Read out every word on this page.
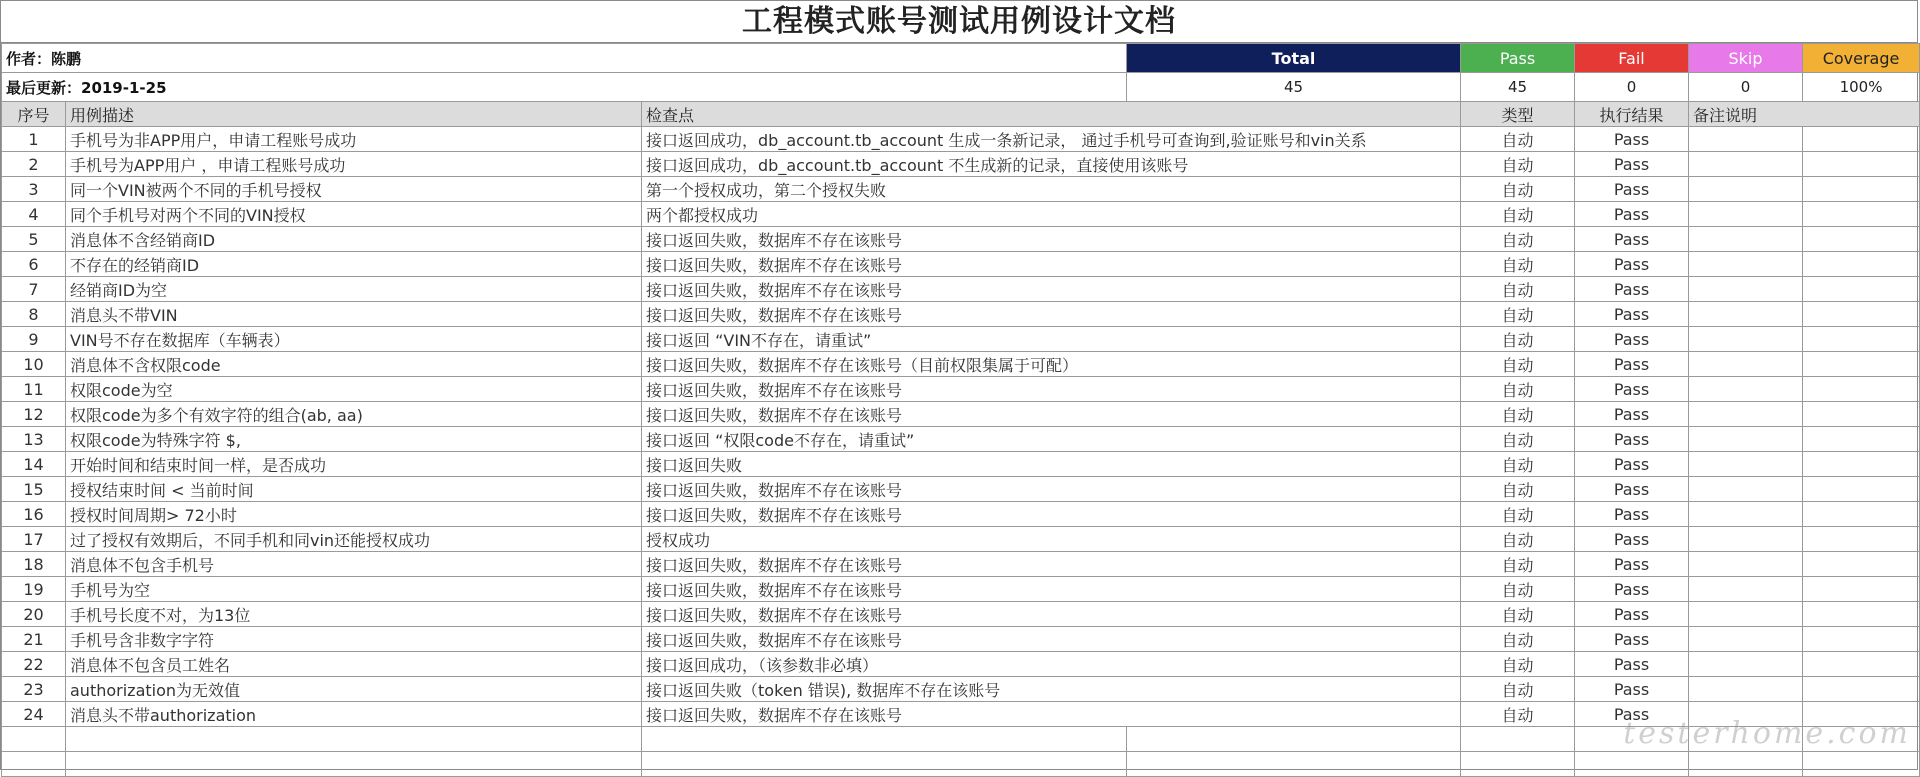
工程模式账号测试用例设计文档
作者：陈鹏			Total	Pass	Fail	Skip	Coverage
最后更新：2019-1-25			45	45	0	0	100%
序号	用例描述	检查点		类型	执行结果	备注说明	
1	手机号为非APP用户，申请工程账号成功	接口返回成功，db_account.tb_account 生成一条新记录， 通过手机号可查询到,验证账号和vin关系		自动	Pass		
2	手机号为APP用户 ，申请工程账号成功	接口返回成功，db_account.tb_account 不生成新的记录，直接使用该账号		自动	Pass		
3	同一个VIN被两个不同的手机号授权	第一个授权成功，第二个授权失败		自动	Pass		
4	同个手机号对两个不同的VIN授权	两个都授权成功		自动	Pass		
5	消息体不含经销商ID	接口返回失败，数据库不存在该账号		自动	Pass		
6	不存在的经销商ID	接口返回失败，数据库不存在该账号		自动	Pass		
7	经销商ID为空	接口返回失败，数据库不存在该账号		自动	Pass		
8	消息头不带VIN	接口返回失败，数据库不存在该账号		自动	Pass		
9	VIN号不存在数据库（车辆表）	接口返回 “VIN不存在，请重试”		自动	Pass		
10	消息体不含权限code	接口返回失败，数据库不存在该账号（目前权限集属于可配）		自动	Pass		
11	权限code为空	接口返回失败，数据库不存在该账号		自动	Pass		
12	权限code为多个有效字符的组合(ab, aa)	接口返回失败，数据库不存在该账号		自动	Pass		
13	权限code为特殊字符 $,	接口返回 “权限code不存在，请重试”		自动	Pass		
14	开始时间和结束时间一样，是否成功	接口返回失败		自动	Pass		
15	授权结束时间 < 当前时间	接口返回失败，数据库不存在该账号		自动	Pass		
16	授权时间周期> 72小时	接口返回失败，数据库不存在该账号		自动	Pass		
17	过了授权有效期后，不同手机和同vin还能授权成功	授权成功		自动	Pass		
18	消息体不包含手机号	接口返回失败，数据库不存在该账号		自动	Pass		
19	手机号为空	接口返回失败，数据库不存在该账号		自动	Pass		
20	手机号长度不对，为13位	接口返回失败，数据库不存在该账号		自动	Pass		
21	手机号含非数字字符	接口返回失败，数据库不存在该账号		自动	Pass		
22	消息体不包含员工姓名	接口返回成功，（该参数非必填）		自动	Pass		
23	authorization为无效值	接口返回失败（token 错误), 数据库不存在该账号		自动	Pass		
24	消息头不带authorization	接口返回失败，数据库不存在该账号		自动	Pass		

testerhome.com
